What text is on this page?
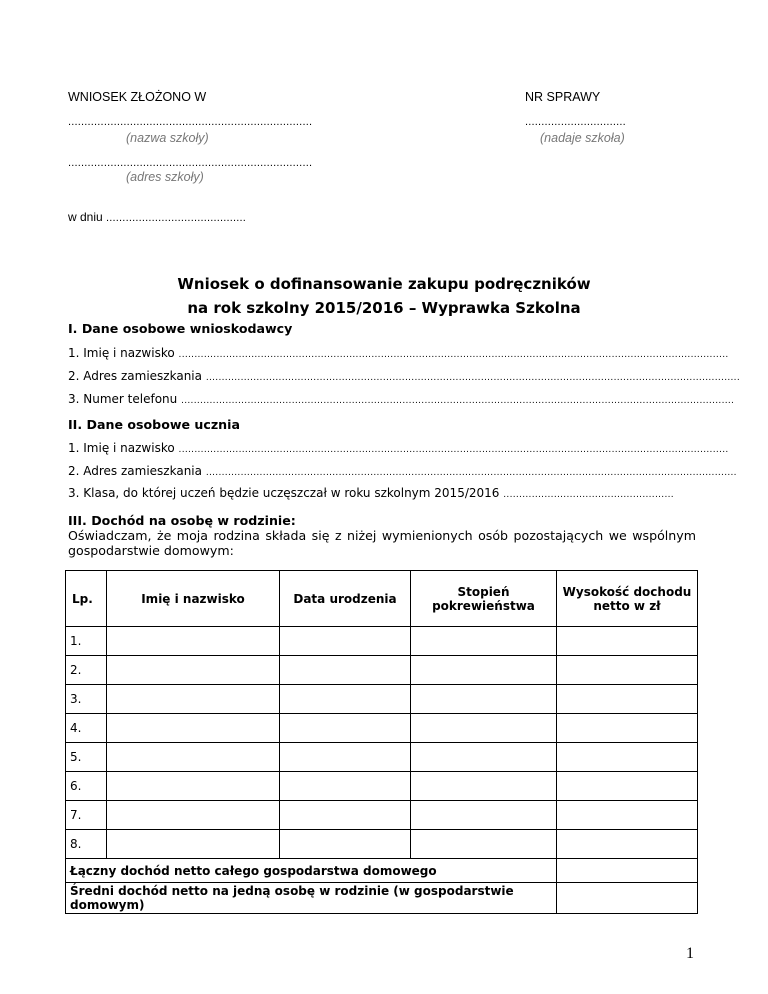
WNIOSEK ZŁOŻONO W	NR SPRAWY
...........................................................................
(nazwa szkoły)
...............................
(nadaje szkoła)
...........................................................................
(adres szkoły)
w dniu ...........................................
Wniosek o dofinansowanie zakupu podręczników
na rok szkolny 2015/2016 – Wyprawka Szkolna
I. Dane osobowe wnioskodawcy
1. Imię i nazwisko ..............................................................................................................................................................................
2. Adres zamieszkania .........................................................................................................................................................................
3. Numer telefonu ...............................................................................................................................................................................
II. Dane osobowe ucznia
1. Imię i nazwisko ..............................................................................................................................................................................
2. Adres zamieszkania ........................................................................................................................................................................
3. Klasa, do której uczeń będzie uczęszczał w roku szkolnym 2015/2016 ......................................................
III. Dochód na osobę w rodzinie:
Oświadczam, że moja rodzina składa się z niżej wymienionych osób pozostających we wspólnym gospodarstwie domowym:
Lp.	Imię i nazwisko	Data urodzenia	Stopień pokrewieństwa	Wysokość dochodu netto w zł
1.				
2.				
3.				
4.				
5.				
6.				
7.				
8.				
Łączny dochód netto całego gospodarstwa domowego				
Średni dochód netto na jedną osobę w rodzinie (w gospodarstwie domowym)				
1
